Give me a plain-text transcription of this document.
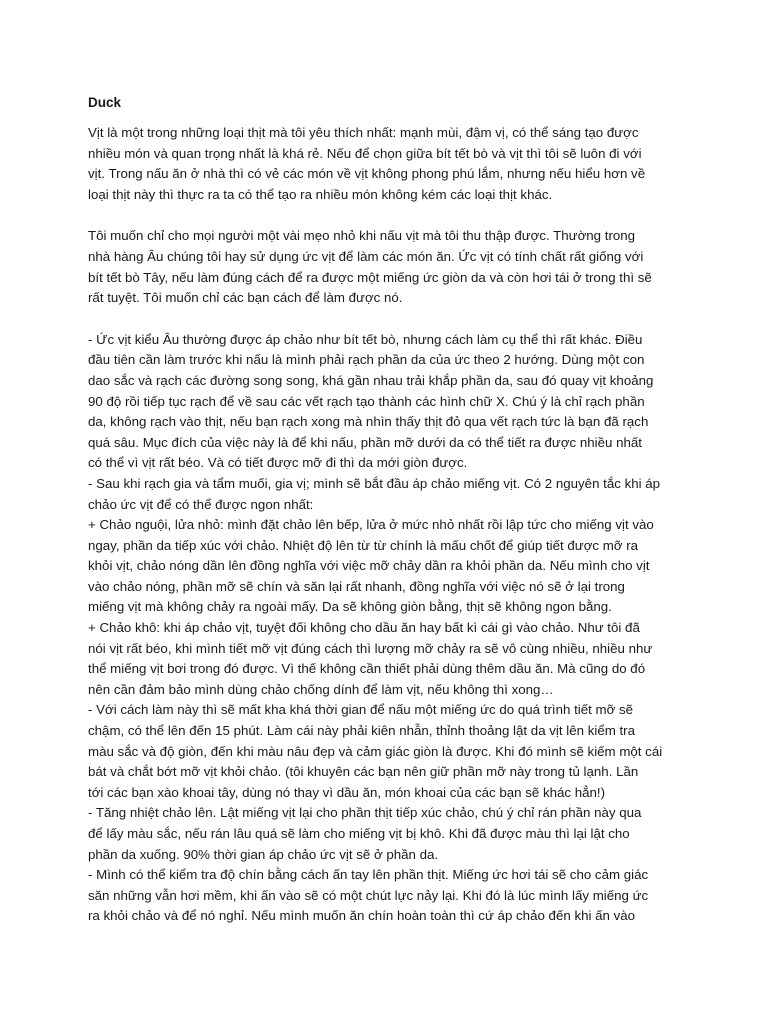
Duck
Vịt là một trong những loại thịt mà tôi yêu thích nhất: mạnh mùi, đậm vị, có thể sáng tạo được
nhiều món và quan trọng nhất là khá rẻ. Nếu để chọn giữa bít tết bò và vịt thì tôi sẽ luôn đi với
vịt. Trong nấu ăn ở nhà thì có vẻ các món về vịt không phong phú lắm, nhưng nếu hiểu hơn về
loại thịt này thì thực ra ta có thể tạo ra nhiều món không kém các loại thịt khác.
Tôi muốn chỉ cho mọi người một vài mẹo nhỏ khi nấu vịt mà tôi thu thập được. Thường trong
nhà hàng Âu chúng tôi hay sử dụng ức vịt để làm các món ăn. Ức vịt có tính chất rất giống với
bít tết bò Tây, nếu làm đúng cách để ra được một miếng ức giòn da và còn hơi tái ở trong thì sẽ
rất tuyệt. Tôi muốn chỉ các bạn cách để làm được nó.
- Ức vịt kiểu Âu thường được áp chảo như bít tết bò, nhưng cách làm cụ thể thì rất khác. Điều
đầu tiên cần làm trước khi nấu là mình phải rạch phần da của ức theo 2 hướng. Dùng một con
dao sắc và rạch các đường song song, khá gần nhau trải khắp phần da, sau đó quay vịt khoảng
90 độ rồi tiếp tục rạch để về sau các vết rạch tạo thành các hình chữ X. Chú ý là chỉ rạch phần
da, không rạch vào thịt, nếu bạn rạch xong mà nhìn thấy thịt đỏ qua vết rạch tức là bạn đã rạch
quá sâu. Mục đích của việc này là để khi nấu, phần mỡ dưới da có thể tiết ra được nhiều nhất
có thể vì vịt rất béo. Và có tiết được mỡ đi thì da mới giòn được.
- Sau khi rạch gia và tẩm muối, gia vị; mình sẽ bắt đầu áp chảo miếng vịt. Có 2 nguyên tắc khi áp
chảo ức vịt để có thể được ngon nhất:
+ Chảo nguội, lửa nhỏ: mình đặt chảo lên bếp, lửa ở mức nhỏ nhất rồi lập tức cho miếng vịt vào
ngay, phần da tiếp xúc với chảo. Nhiệt độ lên từ từ chính là mấu chốt để giúp tiết được mỡ ra
khỏi vịt, chảo nóng dần lên đồng nghĩa với việc mỡ chảy dần ra khỏi phần da. Nếu mình cho vịt
vào chảo nóng, phần mỡ sẽ chín và săn lại rất nhanh, đồng nghĩa với việc nó sẽ ở lại trong
miếng vịt mà không chảy ra ngoài mấy. Da sẽ không giòn bằng, thịt sẽ không ngon bằng.
+ Chảo khô: khi áp chảo vịt, tuyệt đối không cho dầu ăn hay bất kì cái gì vào chảo. Như tôi đã
nói vịt rất béo, khi mình tiết mỡ vịt đúng cách thì lượng mỡ chảy ra sẽ vô cùng nhiều, nhiều như
thể miếng vịt bơi trong đó được. Vì thế không cần thiết phải dùng thêm dầu ăn. Mà cũng do đó
nên cần đảm bảo mình dùng chảo chống dính để làm vịt, nếu không thì xong…
- Với cách làm này thì sẽ mất kha khá thời gian để nấu một miếng ức do quá trình tiết mỡ sẽ
chậm, có thể lên đến 15 phút. Làm cái này phải kiên nhẫn, thỉnh thoảng lật da vịt lên kiểm tra
màu sắc và độ giòn, đến khi màu nâu đẹp và cảm giác giòn là được. Khi đó mình sẽ kiếm một cái
bát và chắt bớt mỡ vịt khỏi chảo. (tôi khuyên các bạn nên giữ phần mỡ này trong tủ lạnh. Lần
tới các bạn xào khoai tây, dùng nó thay vì dầu ăn, món khoai của các bạn sẽ khác hẳn!)
- Tăng nhiệt chảo lên. Lật miếng vịt lại cho phần thịt tiếp xúc chảo, chú ý chỉ rán phần này qua
để lấy màu sắc, nếu rán lâu quá sẽ làm cho miếng vịt bị khô. Khi đã được màu thì lại lật cho
phần da xuống. 90% thời gian áp chảo ức vịt sẽ ở phần da.
- Mình có thể kiểm tra độ chín bằng cách ấn tay lên phần thịt. Miếng ức hơi tái sẽ cho cảm giác
săn những vẫn hơi mềm, khi ấn vào sẽ có một chút lực nảy lại. Khi đó là lúc mình lấy miếng ức
ra khỏi chảo và để nó nghỉ. Nếu mình muốn ăn chín hoàn toàn thì cứ áp chảo đến khi ấn vào
